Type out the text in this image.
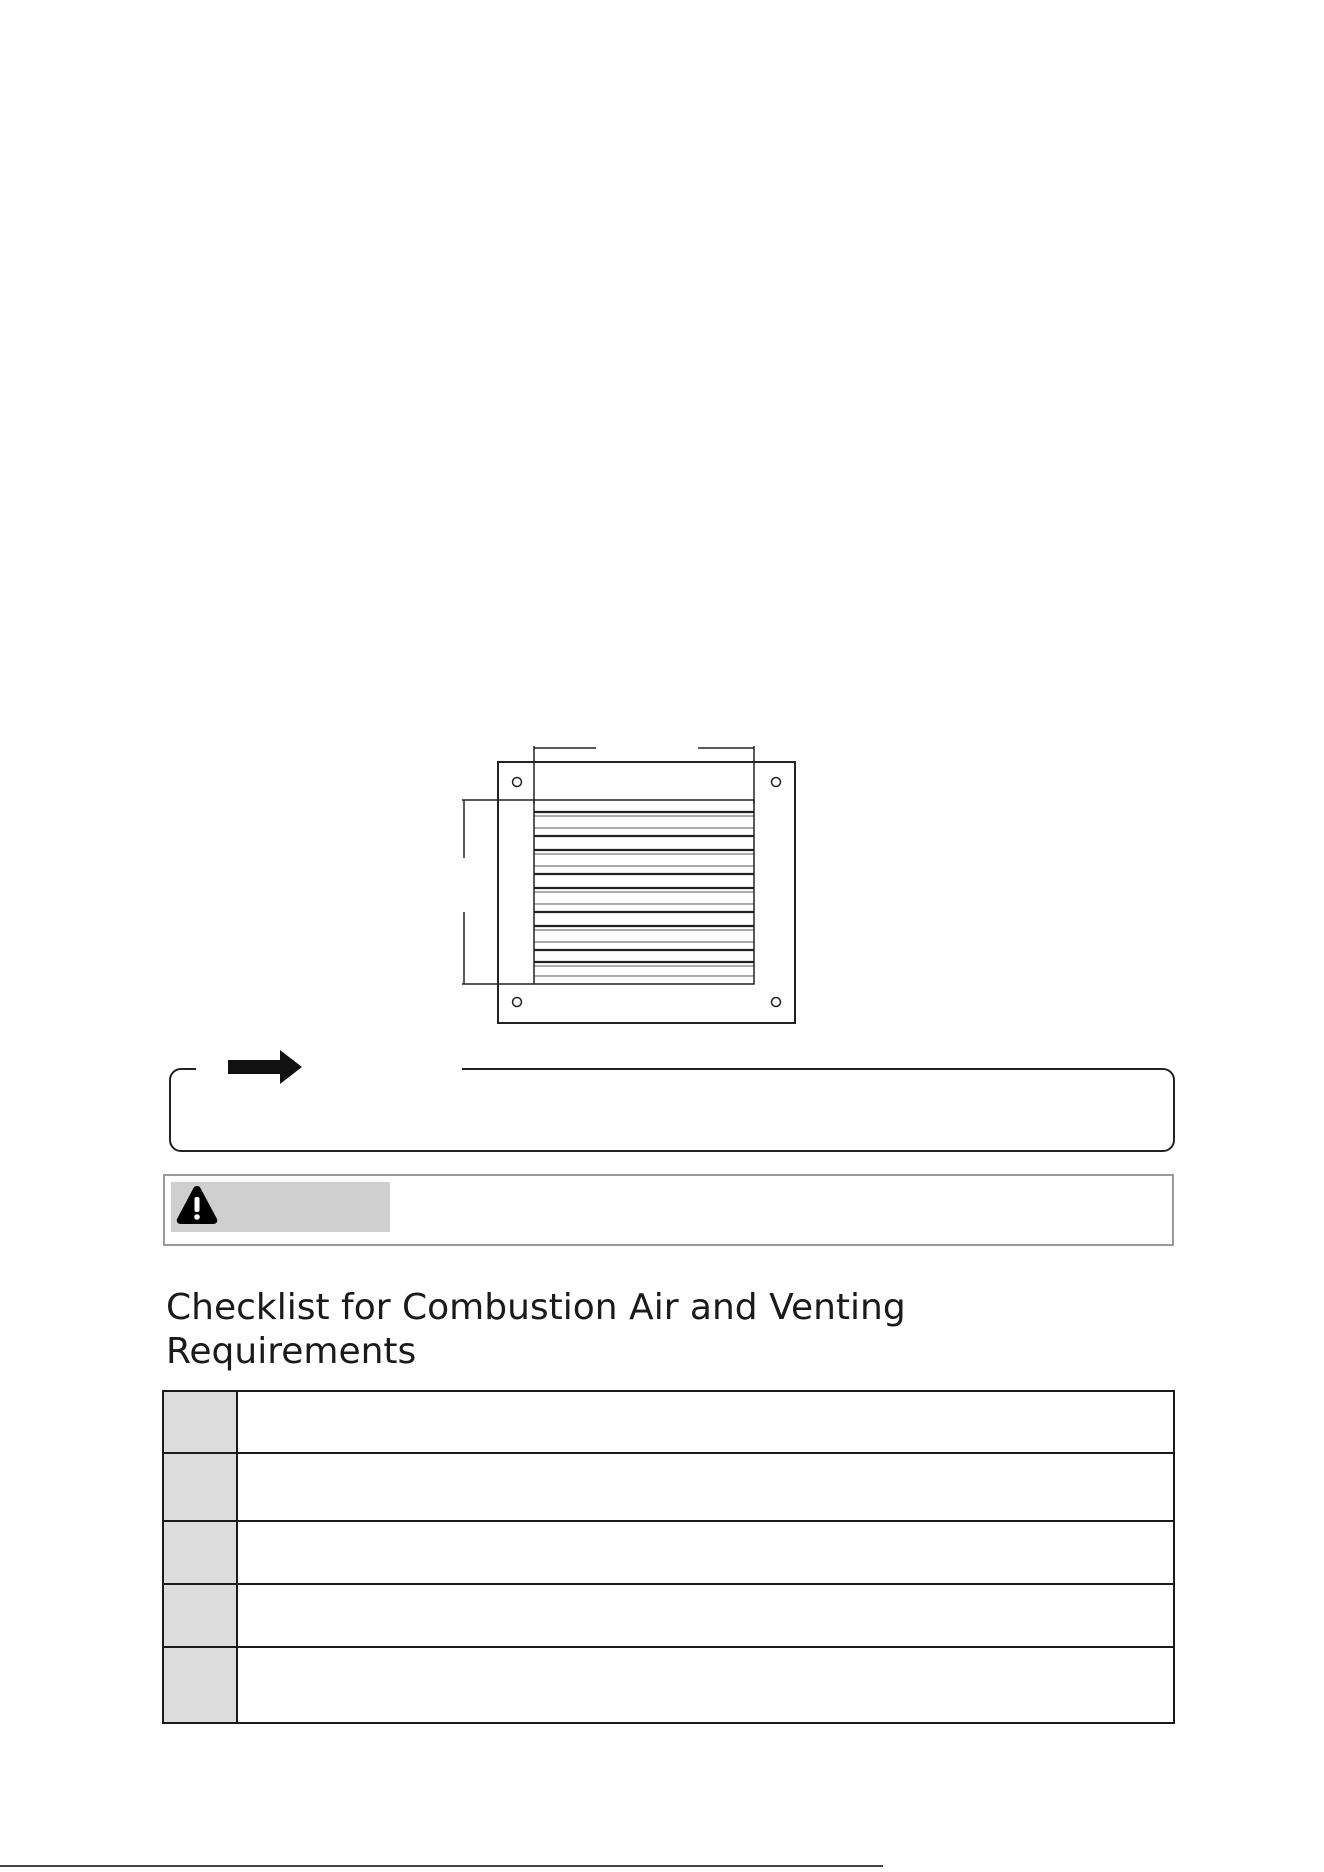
Checklist for Combustion Air and Venting
Requirements
